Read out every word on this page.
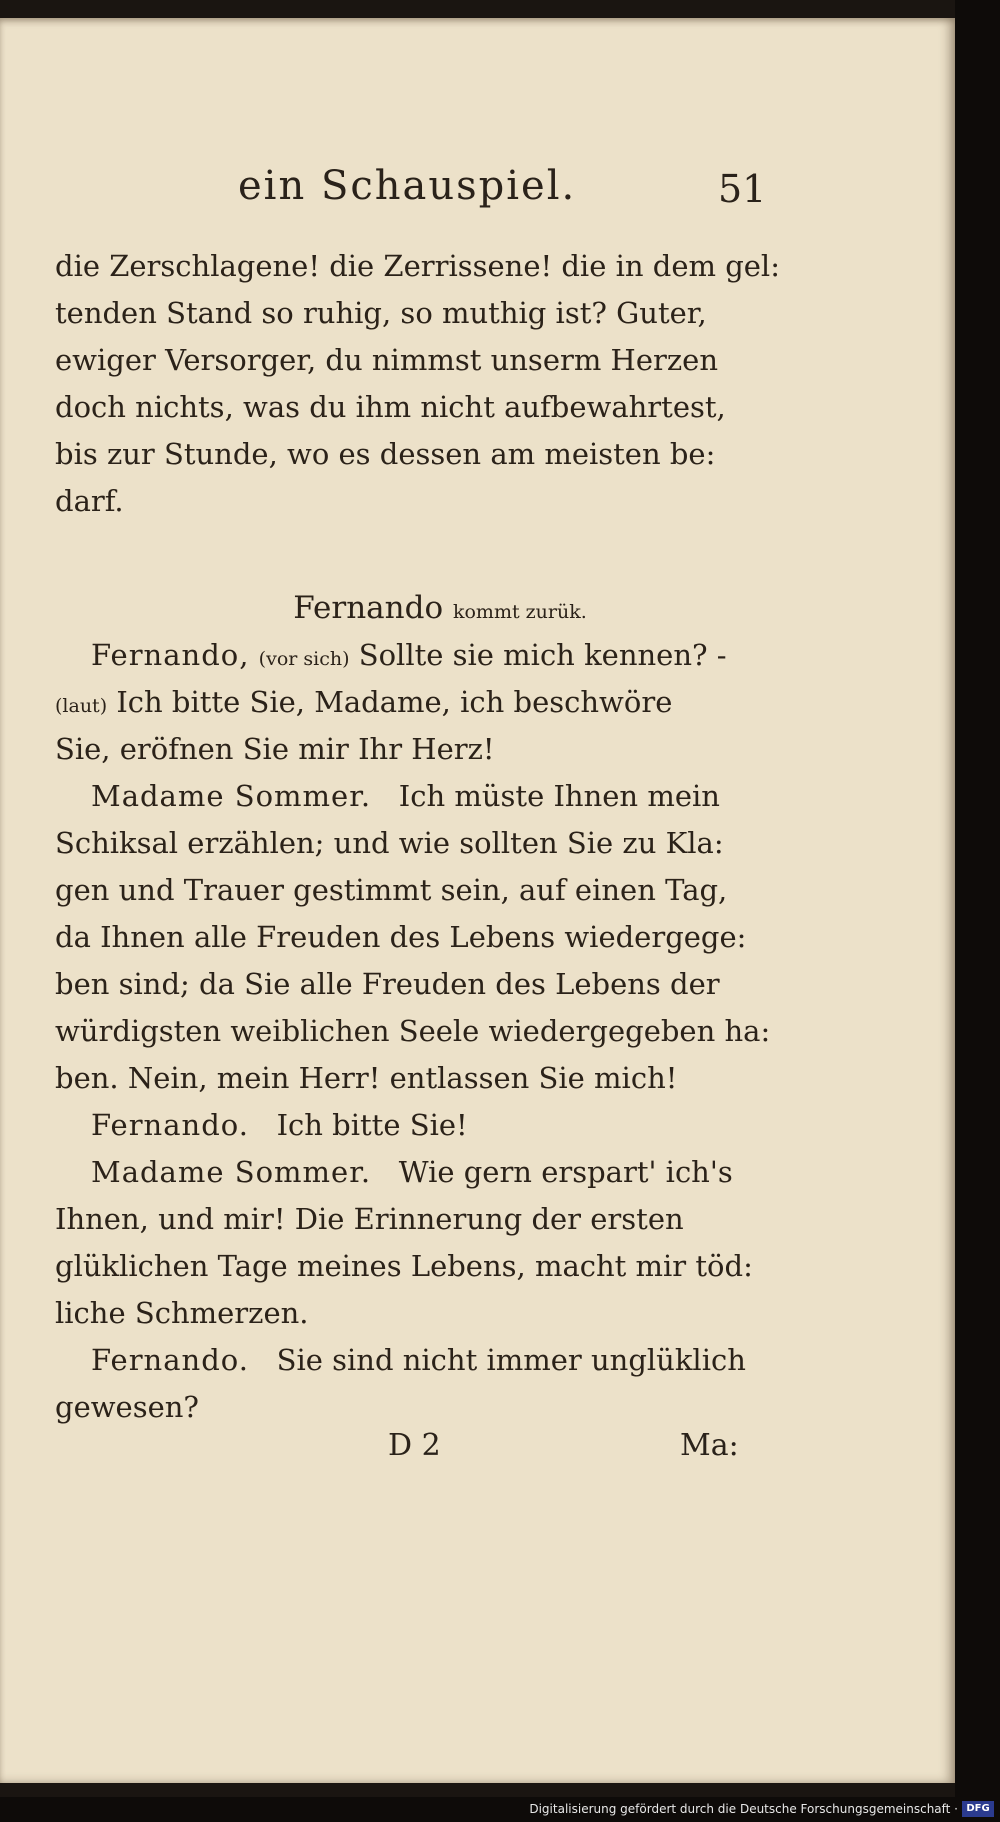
ein Schauspiel.	51
die Zerschlagene! die Zerrissene! die in dem gel:
tenden Stand so ruhig, so muthig ist? Guter,
ewiger Versorger, du nimmst unserm Herzen
doch nichts, was du ihm nicht aufbewahrtest,
bis zur Stunde, wo es dessen am meisten be:
darf.
Fernando kommt zurük.
Fernando, (vor sich) Sollte sie mich kennen? -
(laut) Ich bitte Sie, Madame, ich beschwöre
Sie, eröfnen Sie mir Ihr Herz!
Madame Sommer. Ich müste Ihnen mein
Schiksal erzählen; und wie sollten Sie zu Kla:
gen und Trauer gestimmt sein, auf einen Tag,
da Ihnen alle Freuden des Lebens wiedergege:
ben sind; da Sie alle Freuden des Lebens der
würdigsten weiblichen Seele wiedergegeben ha:
ben. Nein, mein Herr! entlassen Sie mich!
Fernando. Ich bitte Sie!
Madame Sommer. Wie gern erspart' ich's
Ihnen, und mir! Die Erinnerung der ersten
glüklichen Tage meines Lebens, macht mir töd:
liche Schmerzen.
Fernando. Sie sind nicht immer unglüklich
gewesen?
D 2	Ma:
Digitalisierung gefördert durch die Deutsche Forschungsgemeinschaft · DFG
